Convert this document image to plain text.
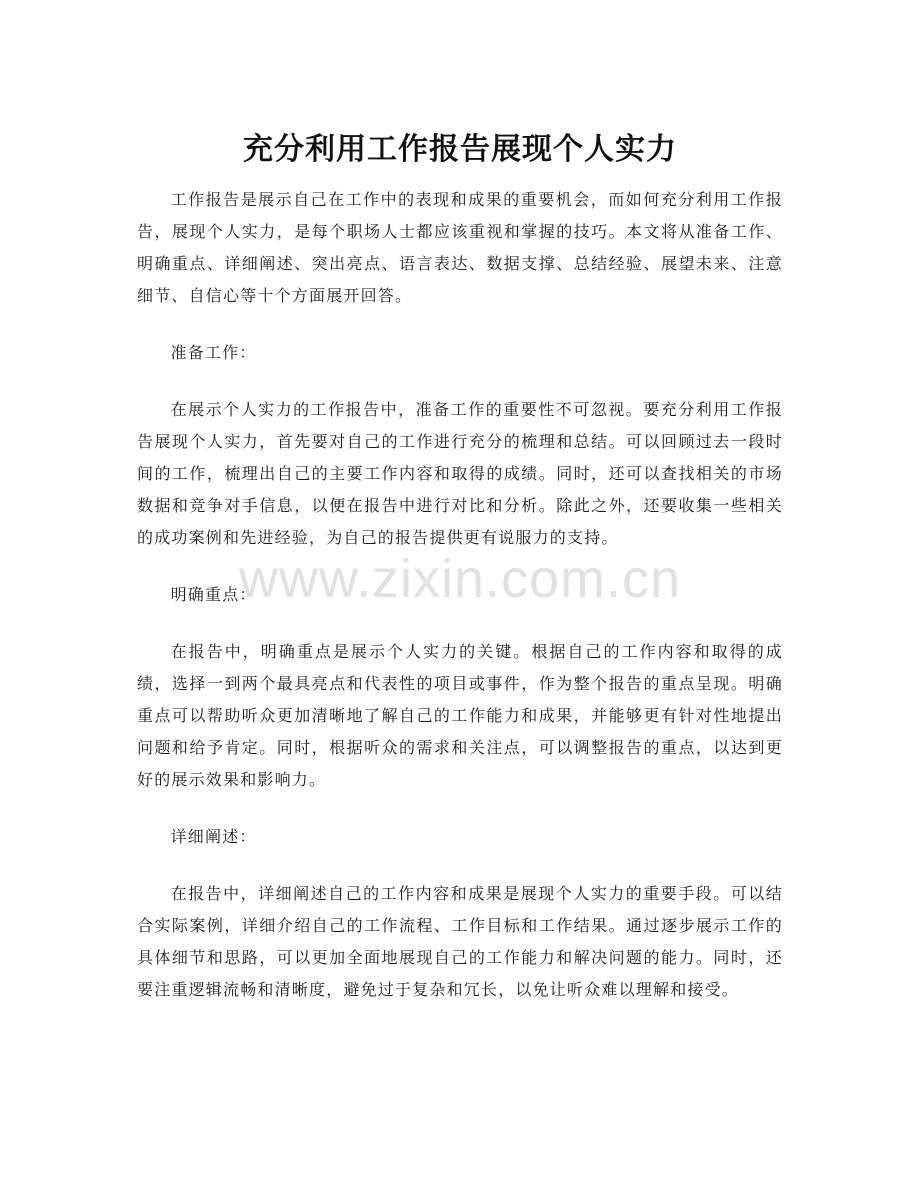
充分利用工作报告展现个人实力

工作报告是展示自己在工作中的表现和成果的重要机会，而如何充分利用工作报告，展现个人实力，是每个职场人士都应该重视和掌握的技巧。本文将从准备工作、明确重点、详细阐述、突出亮点、语言表达、数据支撑、总结经验、展望未来、注意细节、自信心等十个方面展开回答。

准备工作：

在展示个人实力的工作报告中，准备工作的重要性不可忽视。要充分利用工作报告展现个人实力，首先要对自己的工作进行充分的梳理和总结。可以回顾过去一段时间的工作，梳理出自己的主要工作内容和取得的成绩。同时，还可以查找相关的市场数据和竞争对手信息，以便在报告中进行对比和分析。除此之外，还要收集一些相关的成功案例和先进经验，为自己的报告提供更有说服力的支持。

明确重点：

在报告中，明确重点是展示个人实力的关键。根据自己的工作内容和取得的成绩，选择一到两个最具亮点和代表性的项目或事件，作为整个报告的重点呈现。明确重点可以帮助听众更加清晰地了解自己的工作能力和成果，并能够更有针对性地提出问题和给予肯定。同时，根据听众的需求和关注点，可以调整报告的重点，以达到更好的展示效果和影响力。

详细阐述：

在报告中，详细阐述自己的工作内容和成果是展现个人实力的重要手段。可以结合实际案例，详细介绍自己的工作流程、工作目标和工作结果。通过逐步展示工作的具体细节和思路，可以更加全面地展现自己的工作能力和解决问题的能力。同时，还要注重逻辑流畅和清晰度，避免过于复杂和冗长，以免让听众难以理解和接受。

www.zixin.com.cn
